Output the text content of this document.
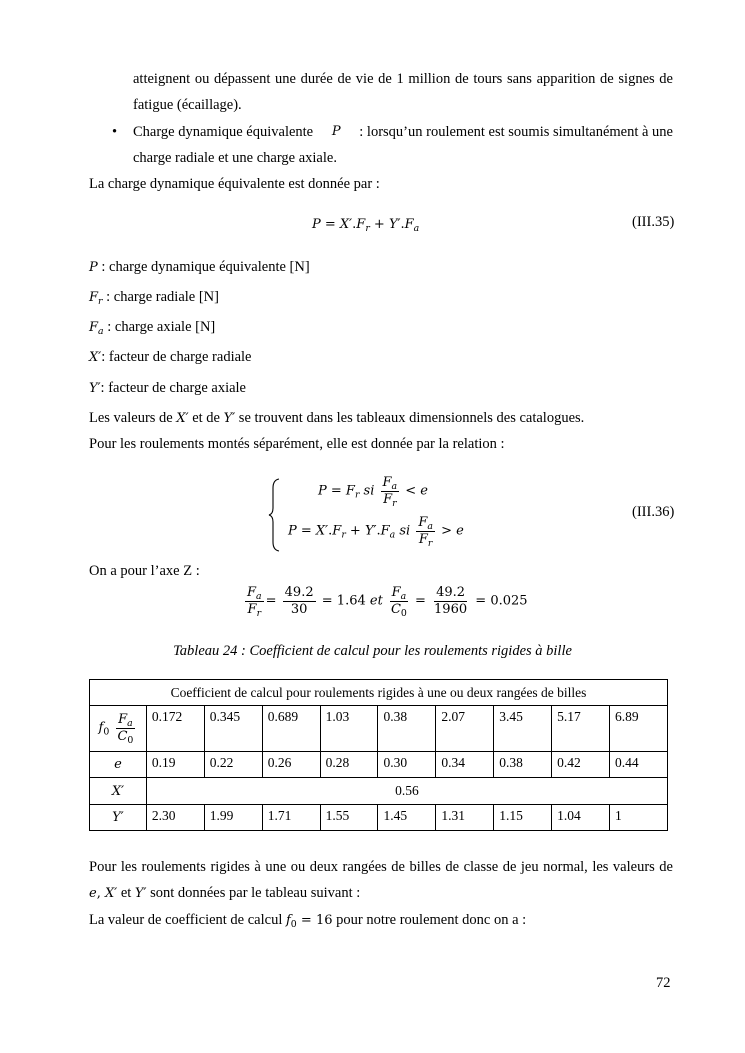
atteignent ou dépassent une durée de vie de 1 million de tours sans apparition de signes de
fatigue (écaillage).
• Charge dynamique équivalente P : lorsqu’un roulement est soumis simultanément à une
charge radiale et une charge axiale.
La charge dynamique équivalente est donnée par :
$P = X'.F_r + Y'.F_a$	(III.35)
P : charge dynamique équivalente [N]
$F_r$ : charge radiale [N]
$F_a$ : charge axiale [N]
X′: facteur de charge radiale
Y′: facteur de charge axiale
Les valeurs de X′ et de Y′ se trouvent dans les tableaux dimensionnels des catalogues.
Pour les roulements montés séparément, elle est donnée par la relation :
$P = F_r$ si $\frac{F_a}{F_r} < e$
$P = X'.F_r + Y'.F_a$ si $\frac{F_a}{F_r} > e$
(III.36)
On a pour l’axe Z :
$\frac{F_a}{F_r} = \frac{49.2}{30} = 1.64$ et $\frac{F_a}{C_0} = \frac{49.2}{1960} = 0.025$
Tableau 24 : Coefficient de calcul pour les roulements rigides à bille
Coefficient de calcul pour roulements rigides à une ou deux rangées de billes									
$f_0 \frac{F_a}{C_0}$	0.172	0.345	0.689	1.03	0.38	2.07	3.45	5.17	6.89
e	0.19	0.22	0.26	0.28	0.30	0.34	0.38	0.42	0.44
X′	0.56								
Y′	2.30	1.99	1.71	1.55	1.45	1.31	1.15	1.04	1
Pour les roulements rigides à une ou deux rangées de billes de classe de jeu normal, les valeurs de
e, X′ et Y′ sont données par le tableau suivant :
La valeur de coefficient de calcul $f_0 = 16$ pour notre roulement donc on a :
72
